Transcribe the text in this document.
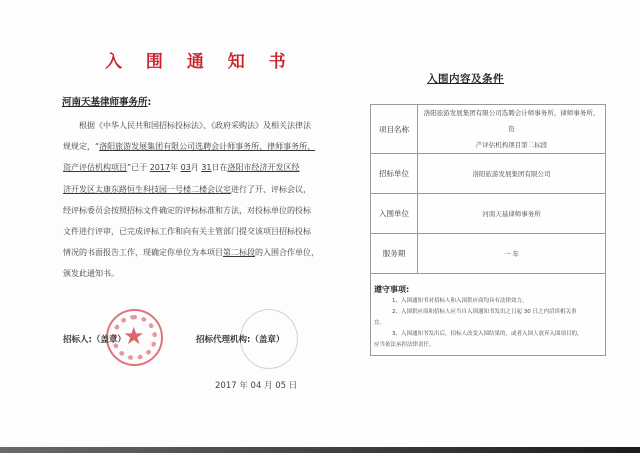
入 围 通 知 书
河南天基律师事务所:
根据《中华人民共和国招标投标法》、《政府采购法》及相关法律法
规规定，“洛阳旅游发展集团有限公司选聘会计师事务所、律师事务所、
资产评估机构项目”已于 2017年 03月 31日在洛阳市经济开发区经
济开发区太康东路恒生科技园一号楼二楼会议室进行了开、评标会议，
经评标委员会按照招标文件确定的评标标准和方法，对投标单位的投标
文件进行评审，已完成评标工作和向有关主管部门提交该项目招标投标
情况的书面报告工作，现确定你单位为本项目第二标段的入围合作单位，
颁发此通知书。
★
招标人:（盖章）	招标代理机构:（盖章）
2017 年 04 月 05 日
入围内容及条件
项目名称	洛阳旅游发展集团有限公司选聘会计师事务所、律师事务所、资
产评估机构项目第二标段

招标单位	洛阳旅游发展集团有限公司
入围单位	河南天基律师事务所
服务期	一 年

遵守事项:
1、入围通知书对招标人和入围供应商均具有法律效力。
2、入围供应商和招标人应当自入围通知书发出之日起 30 日之内洽谈相关事
宜。
3、入围通知书发出后，招标人改变入围结果的，或者入围人放弃入围项目的，
应当依法承担法律责任。
